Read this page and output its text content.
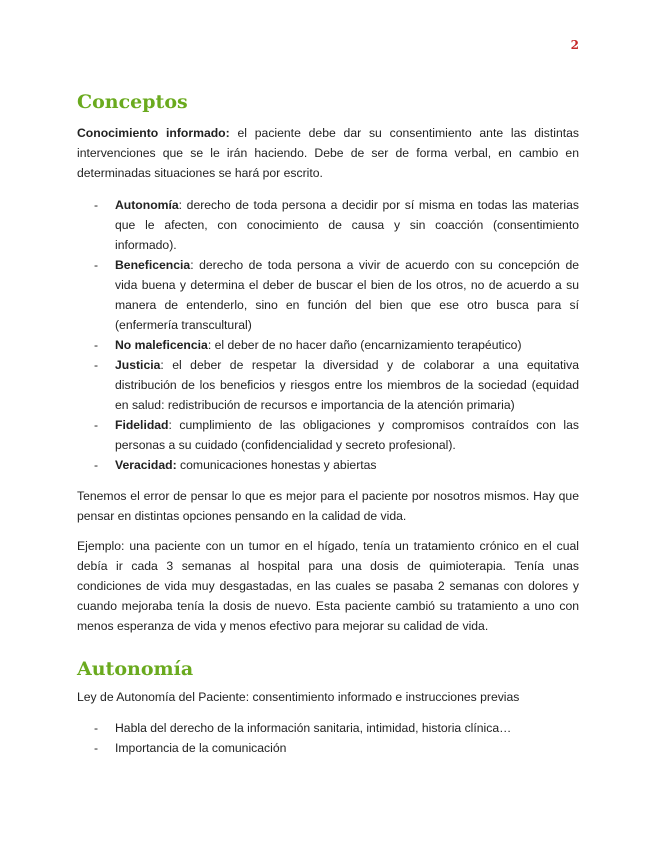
2
Conceptos

Conocimiento informado: el paciente debe dar su consentimiento ante las distintas intervenciones que se le irán haciendo. Debe de ser de forma verbal, en cambio en determinadas situaciones se hará por escrito.

- Autonomía: derecho de toda persona a decidir por sí misma en todas las materias que le afecten, con conocimiento de causa y sin coacción (consentimiento informado).
- Beneficencia: derecho de toda persona a vivir de acuerdo con su concepción de vida buena y determina el deber de buscar el bien de los otros, no de acuerdo a su manera de entenderlo, sino en función del bien que ese otro busca para sí (enfermería transcultural)
- No maleficencia: el deber de no hacer daño (encarnizamiento terapéutico)
- Justicia: el deber de respetar la diversidad y de colaborar a una equitativa distribución de los beneficios y riesgos entre los miembros de la sociedad (equidad en salud: redistribución de recursos e importancia de la atención primaria)
- Fidelidad: cumplimiento de las obligaciones y compromisos contraídos con las personas a su cuidado (confidencialidad y secreto profesional).
- Veracidad: comunicaciones honestas y abiertas

Tenemos el error de pensar lo que es mejor para el paciente por nosotros mismos. Hay que pensar en distintas opciones pensando en la calidad de vida.

Ejemplo: una paciente con un tumor en el hígado, tenía un tratamiento crónico en el cual debía ir cada 3 semanas al hospital para una dosis de quimioterapia. Tenía unas condiciones de vida muy desgastadas, en las cuales se pasaba 2 semanas con dolores y cuando mejoraba tenía la dosis de nuevo. Esta paciente cambió su tratamiento a uno con menos esperanza de vida y menos efectivo para mejorar su calidad de vida.

Autonomía

Ley de Autonomía del Paciente: consentimiento informado e instrucciones previas

- Habla del derecho de la información sanitaria, intimidad, historia clínica…
- Importancia de la comunicación
